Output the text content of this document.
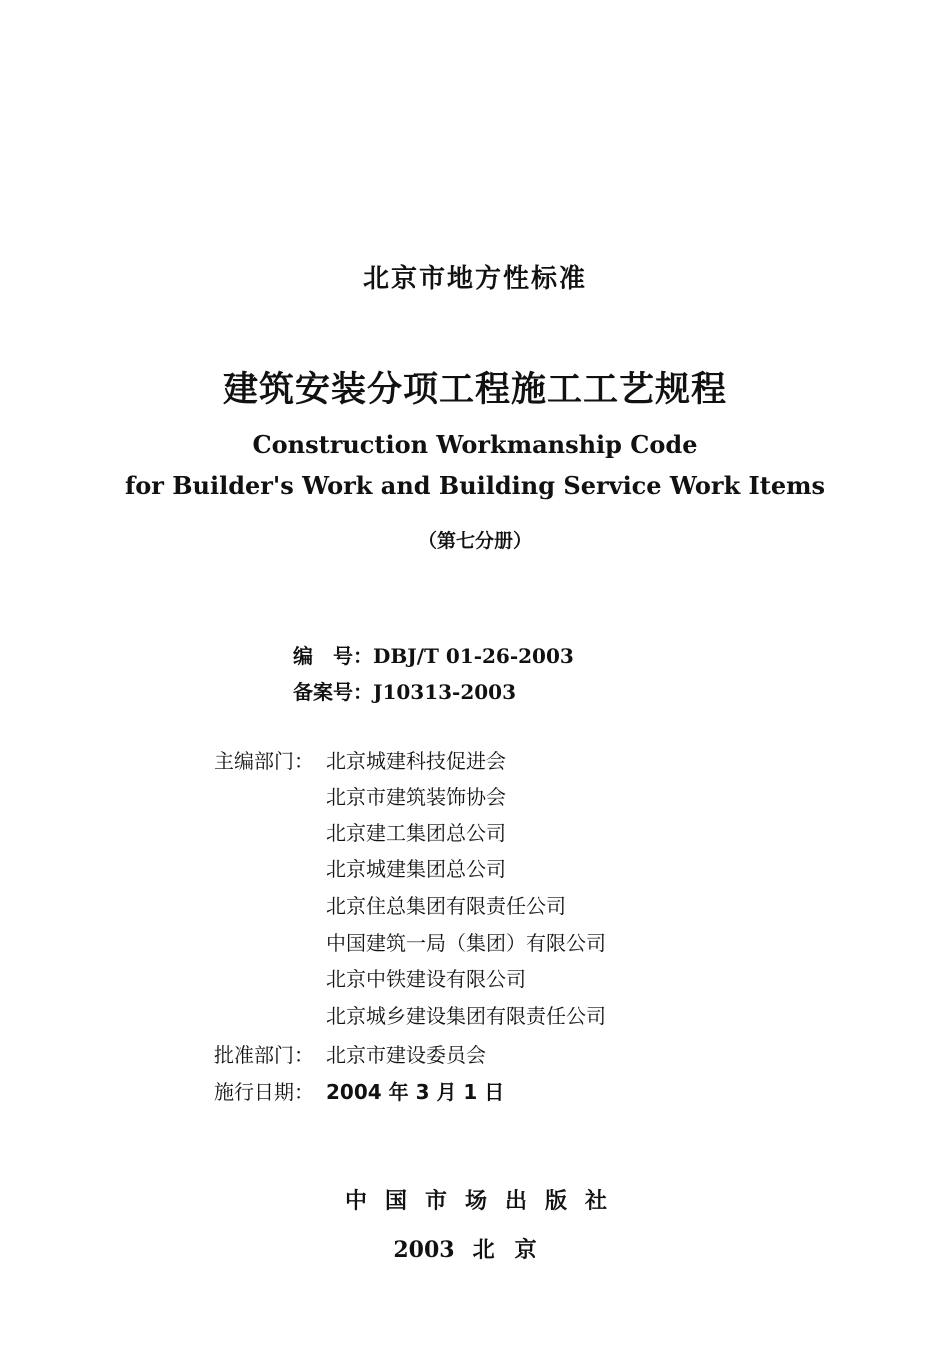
北京市地方性标准
建筑安装分项工程施工工艺规程
Construction Workmanship Code
for Builder's Work and Building Service Work Items
（第七分册）
编　号：DBJ/T 01-26-2003
备案号：J10313-2003
主编部门： 北京城建科技促进会
北京市建筑装饰协会
北京建工集团总公司
北京城建集团总公司
北京住总集团有限责任公司
中国建筑一局（集团）有限公司
北京中铁建设有限公司
北京城乡建设集团有限责任公司
批准部门： 北京市建设委员会
施行日期： 2004 年 3 月 1 日
中国市场出版社
2003 北京
